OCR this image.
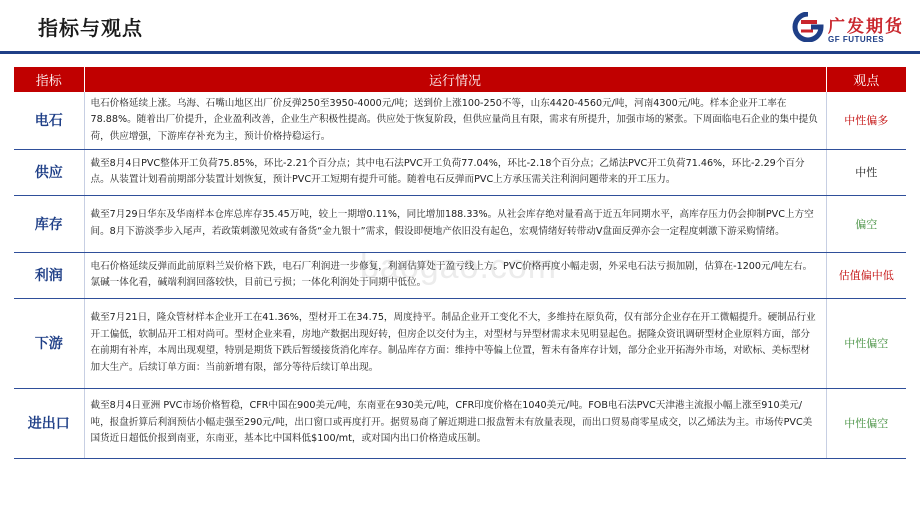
指标与观点	广发期货
GF FUTURES
指标	运行情况	观点
电石	电石价格延续上涨。乌海、石嘴山地区出厂价反弹250至3950-4000元/吨；送到价上涨100-250不等，山东4420-4560元/吨，河南4300元/吨。样本企业开工率在78.88%。随着出厂价提升，企业盈利改善，企业生产积极性提高。供应处于恢复阶段，但供应量尚且有限，需求有所提升，加强市场的紧张。下周面临电石企业的集中提负荷，供应增强，下游库存补充为主，预计价格持稳运行。	中性偏多
供应	截至8月4日PVC整体开工负荷75.85%，环比-2.21个百分点；其中电石法PVC开工负荷77.04%，环比-2.18个百分点；乙烯法PVC开工负荷71.46%，环比-2.29个百分点。从装置计划看前期部分装置计划恢复，预计PVC开工短期有提升可能。随着电石反弹而PVC上方承压需关注利润问题带来的开工压力。	中性
库存	截至7月29日华东及华南样本仓库总库存35.45万吨，较上一期增0.11%，同比增加188.33%。从社会库存绝对量看高于近五年同期水平，高库存压力仍会抑制PVC上方空间。8月下游淡季步入尾声，若政策刺激见效或有备货“金九银十”需求，假设即便地产依旧没有起色，宏观情绪好转带动V盘面反弹亦会一定程度刺激下游采购情绪。	偏空
利润	电石价格延续反弹而此前原料兰炭价格下跌，电石厂利润进一步修复，利润估算处于盈亏线上方。PVC价格再度小幅走弱，外采电石法亏损加剧，估算在-1200元/吨左右。氯碱一体化看，碱端利润回落较快，目前已亏损；一体化利润处于同期中低位。	估值偏中低
下游	截至7月21日，隆众管材样本企业开工在41.36%，型材开工在34.75，周度持平。制品企业开工变化不大，多维持在原负荷，仅有部分企业存在开工微幅提升。硬制品行业开工偏低，软制品开工相对尚可。型材企业来看，房地产数据出现好转，但房企以交付为主，对型材与异型材需求未见明显起色。据隆众资讯调研型材企业原料方面，部分在前期有补库，本周出现观望，特别是期货下跌后暂缓接货消化库存。制品库存方面：维持中等偏上位置，暂未有备库存计划，部分企业开拓海外市场，对欧标、美标型材加大生产。后续订单方面：当前新增有限，部分等待后续订单出现。	中性偏空
进出口	截至8月4日亚洲 PVC市场价格暂稳，CFR中国在900美元/吨，东南亚在930美元/吨，CFR印度价格在1040美元/吨。FOB电石法PVC天津港主流报小幅上涨至910美元/吨，报盘折算后利润预估小幅走强至290元/吨，出口窗口或再度打开。据贸易商了解近期进口报盘暂未有放量表现，而出口贸易商零星成交，以乙烯法为主。市场传PVC美国货近日超低价报到南亚，东南亚，基本比中国料低$100/mt，或对国内出口价格造成压制。	中性偏空
baogao.com
